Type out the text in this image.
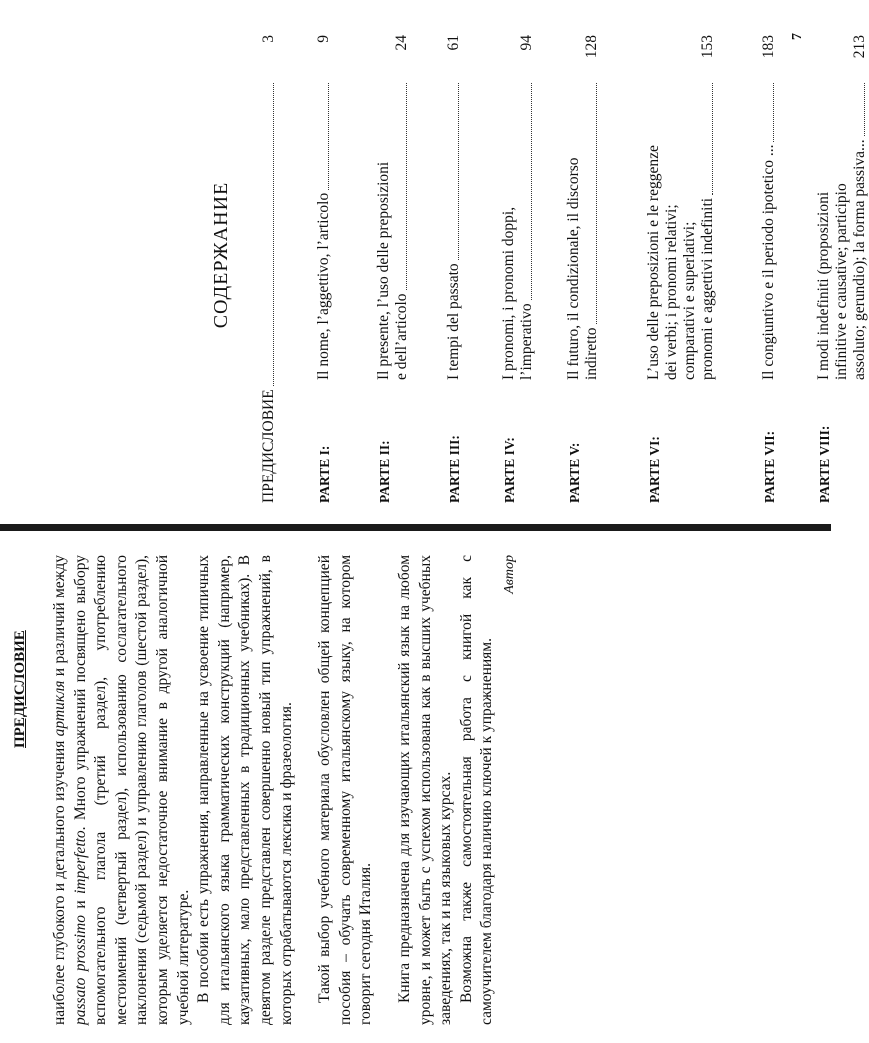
наиболее глубокого и детального изучения артикля и различий между passato prossimo и imperfetto. Много упражнений посвящено выбору вспомогательного глагола (третий раздел), употреблению местоимений (четвертый раздел), использованию сослагательного наклонения (седьмой раздел) и управлению глаголов (шестой раздел), которым уделяется недостаточное внимание в другой аналогичной учебной литературе. В пособии есть упражнения, направленные на усвоение типичных для итальянского языка грамматических конструкций (например, каузативных, мало представленных в традиционных учебниках). В девятом разделе представлен совершенно новый тип упражнений, в которых отрабатываются лексика и фразеология. Такой выбор учебного материала обусловлен общей концепцией пособия – обучать современному итальянскому языку, на котором говорит сегодня Италия. Книга предназначена для изучающих итальянский язык на любом уровне, и может быть с успехом использована как в высших учебных заведениях, так и на языковых курсах. Возможна также самостоятельная работа с книгой как с самоучителем благодаря наличию ключей к упражнениям.
Автор
ПРЕДИСЛОВИЕ
СОДЕРЖАНИЕ
ПРЕДИСЛОВИЕ
3
PARTE I:
Il nome, l’aggettivo, l’articolo
9
PARTE II:
Il presente, l’uso delle preposizioni e dell’articolo
24
PARTE III:
I tempi del passato
61
PARTE IV:
I pronomi, i pronomi doppi, l’imperativo
94
PARTE V:
Il futuro, il condizionale, il discorso indiretto
128
PARTE VI:
L’uso delle preposizioni e le reggenze dei verbi; i pronomi relativi; comparativi e superlativi; pronomi e aggettivi indefiniti
153
PARTE VII:
Il congiuntivo e il periodo ipotetico ...
183
PARTE VIII:
I modi indefiniti (proposizioni infinitive e causative; participio assoluto; gerundio); la forma passiva...
213
7
